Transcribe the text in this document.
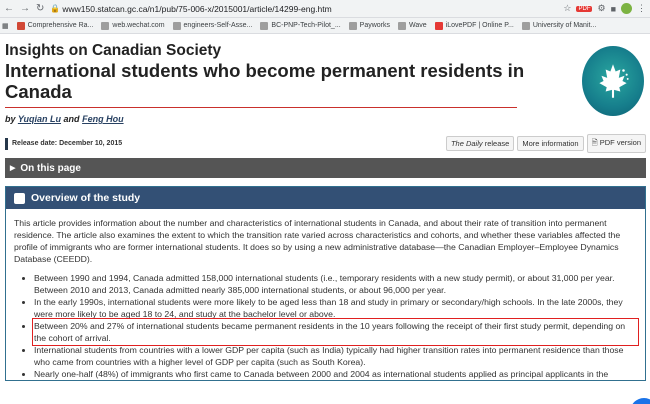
← → ↻ 🔒 www150.statcan.gc.ca/n1/pub/75-006-x/2015001/article/14299-eng.htm	☆	PDF ⚙ ■ ⋮
▦	Comprehensive Ra...	web.wechat.com	engineers-Self-Asse...	BC-PNP-Tech-Pilot_...	Payworks	Wave	iLovePDF | Online P...	University of Manit...
Insights on Canadian Society
International students who become permanent residents in Canada
by Yuqian Lu and Feng Hou
Release date: December 10, 2015	The Daily release	More information	🗎 PDF version
▶ On this page
Overview of the study

This article provides information about the number and characteristics of international students in Canada, and about their rate of transition into permanent residence. The article also examines the extent to which the transition rate varied across characteristics and cohorts, and whether these variables affected the profile of immigrants who are former international students. It does so by using a new administrative database—the Canadian Employer–Employee Dynamics Database (CEEDD).

• Between 1990 and 1994, Canada admitted 158,000 international students (i.e., temporary residents with a new study permit), or about 31,000 per year. Between 2010 and 2013, Canada admitted nearly 385,000 international students, or about 96,000 per year.
• In the early 1990s, international students were more likely to be aged less than 18 and study in primary or secondary/high schools. In the late 2000s, they were more likely to be aged 18 to 24, and study at the bachelor level or above.
• Between 20% and 27% of international students became permanent residents in the 10 years following the receipt of their first study permit, depending on the cohort of arrival.
• International students from countries with a lower GDP per capita (such as India) typically had higher transition rates into permanent residence than those who came from countries with a higher level of GDP per capita (such as South Korea).
• Nearly one-half (48%) of immigrants who first came to Canada between 2000 and 2004 as international students applied as principal applicants in the
